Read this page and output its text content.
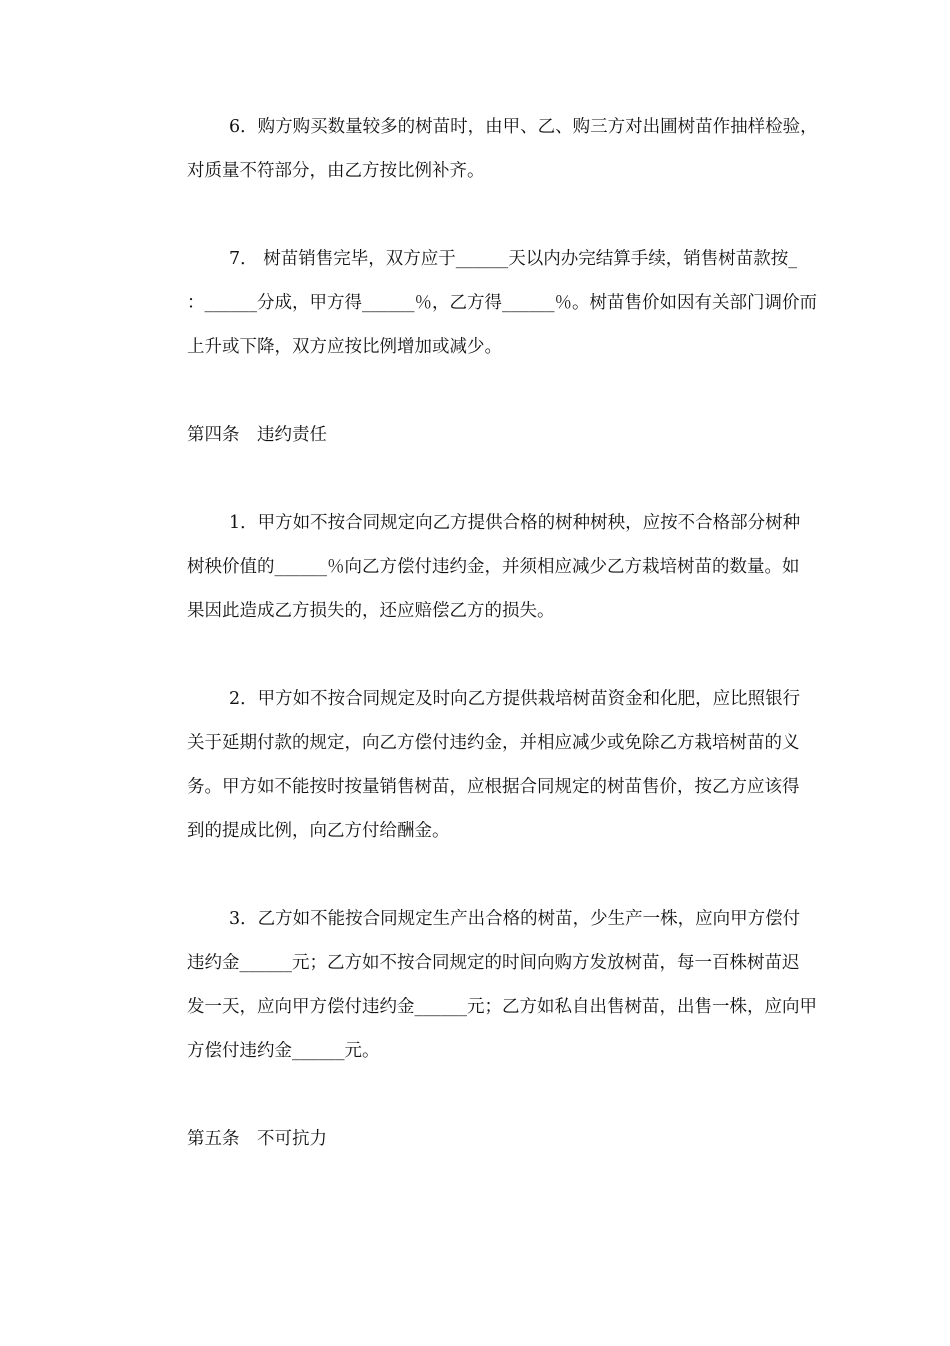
6．购方购买数量较多的树苗时，由甲、乙、购三方对出圃树苗作抽样检验，
对质量不符部分，由乙方按比例补齐。
7． 树苗销售完毕，双方应于______天以内办完结算手续，销售树苗款按_
：______分成，甲方得______％，乙方得______％。树苗售价如因有关部门调价而
上升或下降，双方应按比例增加或减少。
第四条　违约责任
1．甲方如不按合同规定向乙方提供合格的树种树秧，应按不合格部分树种
树秧价值的______％向乙方偿付违约金，并须相应减少乙方栽培树苗的数量。如
果因此造成乙方损失的，还应赔偿乙方的损失。
2．甲方如不按合同规定及时向乙方提供栽培树苗资金和化肥，应比照银行
关于延期付款的规定，向乙方偿付违约金，并相应减少或免除乙方栽培树苗的义
务。甲方如不能按时按量销售树苗，应根据合同规定的树苗售价，按乙方应该得
到的提成比例，向乙方付给酬金。
3．乙方如不能按合同规定生产出合格的树苗，少生产一株，应向甲方偿付
违约金______元；乙方如不按合同规定的时间向购方发放树苗，每一百株树苗迟
发一天，应向甲方偿付违约金______元；乙方如私自出售树苗，出售一株，应向甲
方偿付违约金______元。
第五条　不可抗力
